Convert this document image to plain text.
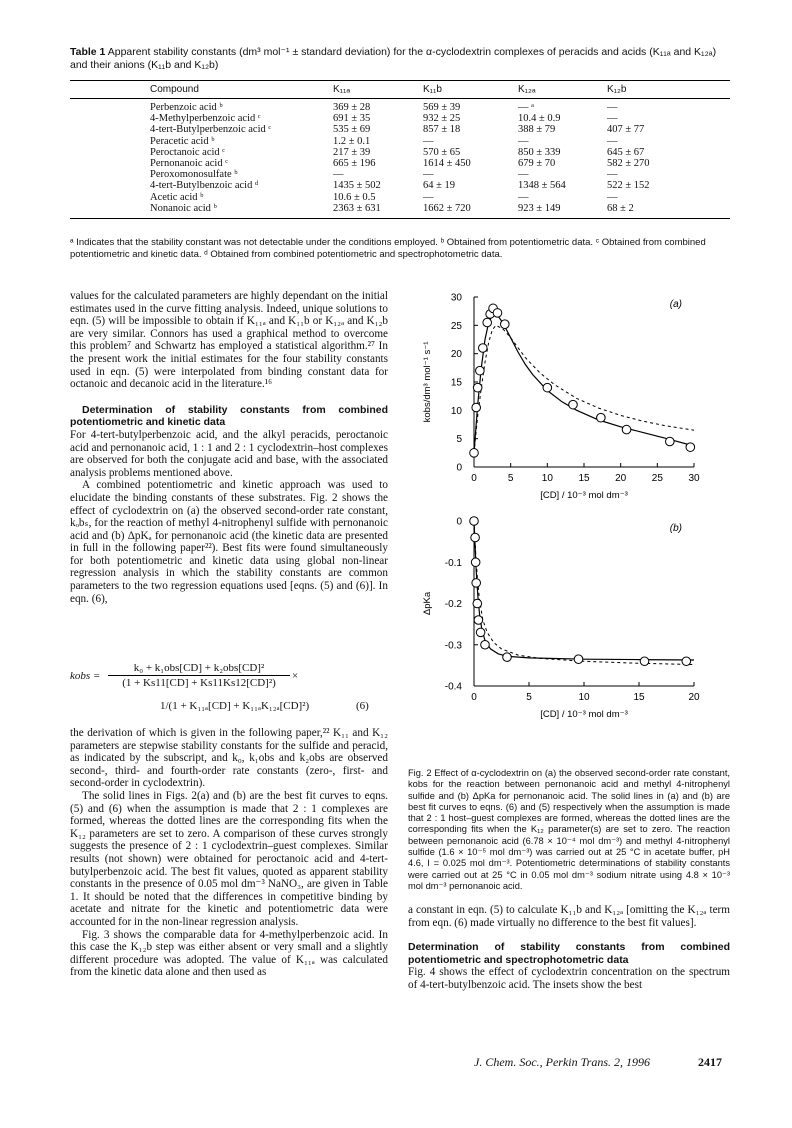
Table 1 Apparent stability constants (dm³ mol⁻¹ ± standard deviation) for the α-cyclodextrin complexes of peracids and acids (K₁₁ₐ and K₁₂ₐ) and their anions (K₁₁b and K₁₂b)
Compound	K₁₁ₐ	K₁₁b	K₁₂ₐ	K₁₂b
Perbenzoic acid ᵇ	369 ± 28	569 ± 39	— ᵃ	—
4-Methylperbenzoic acid ᶜ	691 ± 35	932 ± 25	10.4 ± 0.9	—
4-tert-Butylperbenzoic acid ᶜ	535 ± 69	857 ± 18	388 ± 79	407 ± 77
Peracetic acid ᵇ	1.2 ± 0.1	—	—	—
Peroctanoic acid ᶜ	217 ± 39	570 ± 65	850 ± 339	645 ± 67
Pernonanoic acid ᶜ	665 ± 196	1614 ± 450	679 ± 70	582 ± 270
Peroxomonosulfate ᵇ	—	—	—	—
4-tert-Butylbenzoic acid ᵈ	1435 ± 502	64 ± 19	1348 ± 564	522 ± 152
Acetic acid ᵇ	10.6 ± 0.5	—	—	—
Nonanoic acid ᵇ	2363 ± 631	1662 ± 720	923 ± 149	68 ± 2
ᵃ Indicates that the stability constant was not detectable under the conditions employed. ᵇ Obtained from potentiometric data. ᶜ Obtained from combined potentiometric and kinetic data. ᵈ Obtained from combined potentiometric and spectrophotometric data.

values for the calculated parameters are highly dependant on the initial estimates used in the curve fitting analysis. Indeed, unique solutions to eqn. (5) will be impossible to obtain if K₁₁ₐ and K₁₁b or K₁₂ₐ and K₁₂b are very similar. Connors has used a graphical method to overcome this problem⁷ and Schwartz has employed a statistical algorithm.²⁷ In the present work the initial estimates for the four stability constants used in eqn. (5) were interpolated from binding constant data for octanoic and decanoic acid in the literature.¹⁶

Determination of stability constants from combined potentiometric and kinetic data

For 4-tert-butylperbenzoic acid, and the alkyl peracids, peroctanoic acid and pernonanoic acid, 1 : 1 and 2 : 1 cyclodextrin–host complexes are observed for both the conjugate acid and base, with the associated analysis problems mentioned above.

A combined potentiometric and kinetic approach was used to elucidate the binding constants of these substrates. Fig. 2 shows the effect of cyclodextrin on (a) the observed second-order rate constant, kₒbₛ, for the reaction of methyl 4-nitrophenyl sulfide with pernonanoic acid and (b) ΔpKₐ for pernonanoic acid (the kinetic data are presented in full in the following paper²²). Best fits were found simultaneously for both potentiometric and kinetic data using global non-linear regression analysis in which the stability constants are common parameters to the two regression equations used [eqns. (5) and (6)]. In eqn. (6),

kobs =
k₀ + k₁obs[CD] + k₂obs[CD]²
(1 + Ks11[CD] + Ks11Ks12[CD]²)
×
1/(1 + K₁₁ₐ[CD] + K₁₁ₐK₁₂ₐ[CD]²)	(6)

the derivation of which is given in the following paper,²² K₁₁ and K₁₂ parameters are stepwise stability constants for the sulfide and peracid, as indicated by the subscript, and k₀, k₁obs and k₂obs are observed second-, third- and fourth-order rate constants (zero-, first- and second-order in cyclodextrin).

The solid lines in Figs. 2(a) and (b) are the best fit curves to eqns. (5) and (6) when the assumption is made that 2 : 1 complexes are formed, whereas the dotted lines are the corresponding fits when the K₁₂ parameters are set to zero. A comparison of these curves strongly suggests the presence of 2 : 1 cyclodextrin–guest complexes. Similar results (not shown) were obtained for peroctanoic acid and 4-tert-butylperbenzoic acid. The best fit values, quoted as apparent stability constants in the presence of 0.05 mol dm⁻³ NaNO₃, are given in Table 1. It should be noted that the differences in competitive binding by acetate and nitrate for the kinetic and potentiometric data were accounted for in the non-linear regression analysis.

Fig. 3 shows the comparable data for 4-methylperbenzoic acid. In this case the K₁₂b step was either absent or very small and a slightly different procedure was adopted. The value of K₁₁ₐ was calculated from the kinetic data alone and then used as

0	5	10	15	20	25	30
0
5
10
15
20
25
30
(a)
[CD] / 10⁻³ mol dm⁻³
kobs/dm³ mol⁻¹ s⁻¹
0	5	10	15	20
0
-0.1
-0.2
-0.3
-0.4
(b)
[CD] / 10⁻³ mol dm⁻³
ΔpKa
Fig. 2 Effect of α-cyclodextrin on (a) the observed second-order rate constant, kobs for the reaction between pernonanoic acid and methyl 4-nitrophenyl sulfide and (b) ΔpKa for pernonanoic acid. The solid lines in (a) and (b) are best fit curves to eqns. (6) and (5) respectively when the assumption is made that 2 : 1 host–guest complexes are formed, whereas the dotted lines are the corresponding fits when the K₁₂ parameter(s) are set to zero. The reaction between pernonanoic acid (6.78 × 10⁻⁴ mol dm⁻³) and methyl 4-nitrophenyl sulfide (1.6 × 10⁻⁵ mol dm⁻³) was carried out at 25 °C in acetate buffer, pH 4.6, I = 0.025 mol dm⁻³. Potentiometric determinations of stability constants were carried out at 25 °C in 0.05 mol dm⁻³ sodium nitrate using 4.8 × 10⁻³ mol dm⁻³ pernonanoic acid.

a constant in eqn. (5) to calculate K₁₁b and K₁₂ₐ [omitting the K₁₂ₐ term from eqn. (6) made virtually no difference to the best fit values].

Determination of stability constants from combined potentiometric and spectrophotometric data

Fig. 4 shows the effect of cyclodextrin concentration on the spectrum of 4-tert-butylbenzoic acid. The insets show the best

J. Chem. Soc., Perkin Trans. 2, 1996	2417
